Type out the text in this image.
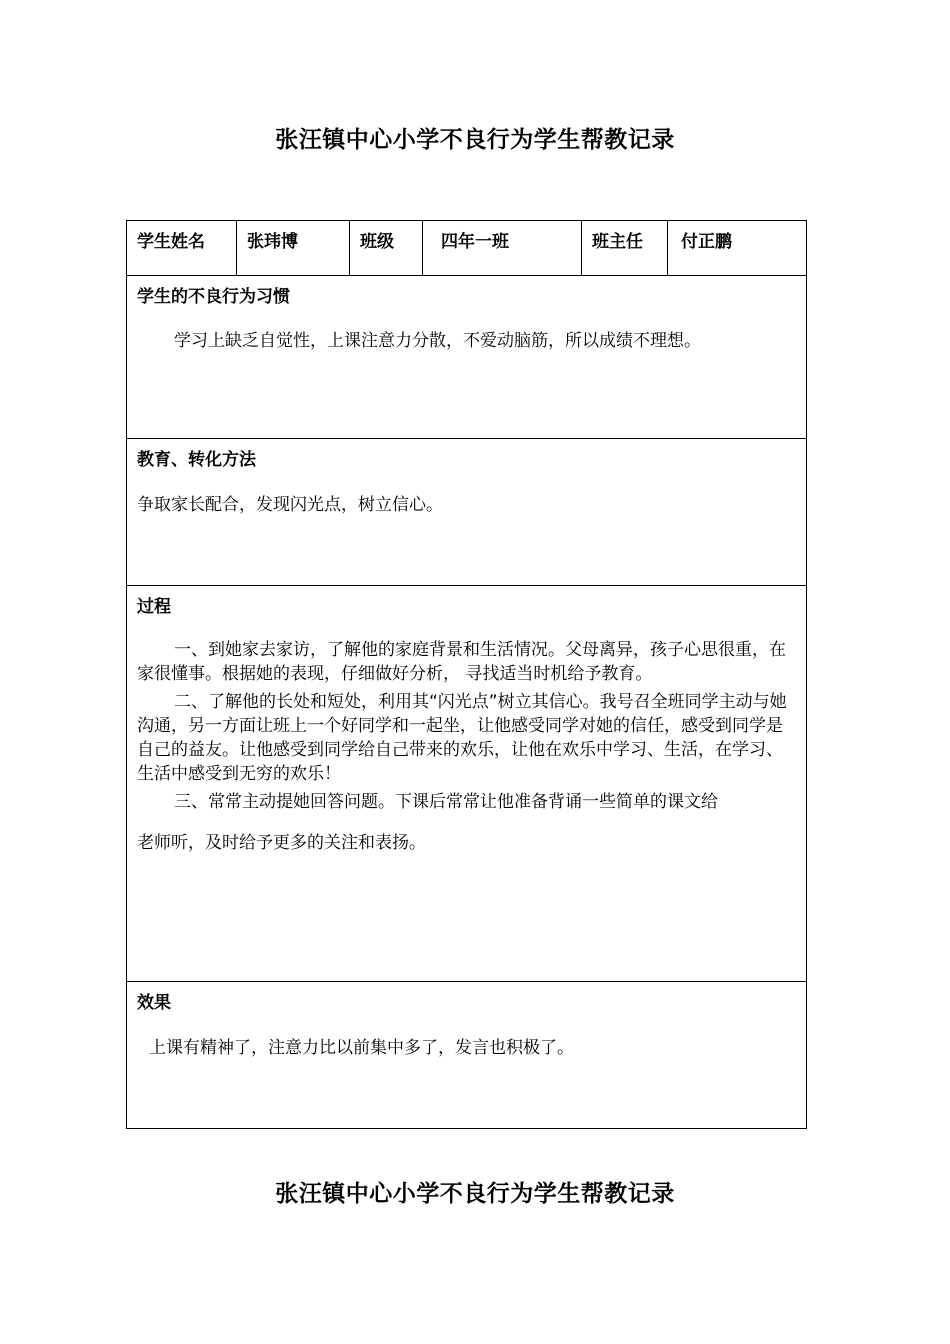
张汪镇中心小学不良行为学生帮教记录
学生姓名	张玮博	班级	四年一班	班主任	付正鹏

学生的不良行为习惯
学习上缺乏自觉性，上课注意力分散，不爱动脑筋，所以成绩不理想。

教育、转化方法
争取家长配合，发现闪光点，树立信心。

过程
一、到她家去家访，了解他的家庭背景和生活情况。父母离异，孩子心思很重，在家很懂事。根据她的表现，仔细做好分析， 寻找适当时机给予教育。
二、了解他的长处和短处，利用其“闪光点”树立其信心。我号召全班同学主动与她沟通，另一方面让班上一个好同学和一起坐，让他感受同学对她的信任，感受到同学是自己的益友。让他感受到同学给自己带来的欢乐，让他在欢乐中学习、生活，在学习、生活中感受到无穷的欢乐！
三、常常主动提她回答问题。下课后常常让他准备背诵一些简单的课文给
老师听，及时给予更多的关注和表扬。

效果
上课有精神了，注意力比以前集中多了，发言也积极了。
张汪镇中心小学不良行为学生帮教记录
